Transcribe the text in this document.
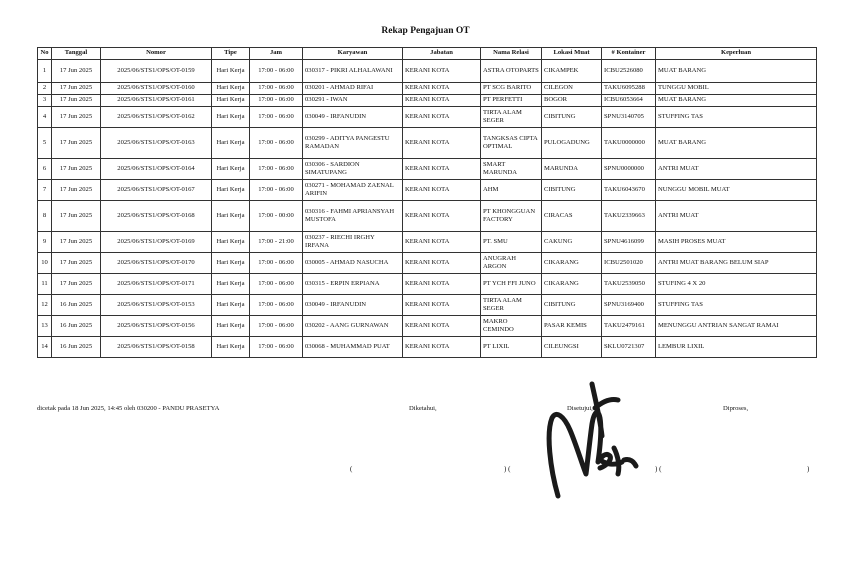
Rekap Pengajuan OT
No	Tanggal	Nomor	Tipe	Jam	Karyawan	Jabatan	Nama Relasi	Lokasi Muat	# Kontainer	Keperluan
1	17 Jun 2025	2025/06/STS1/OPS/OT-0159	Hari Kerja	17:00 - 06:00	030317 - PIKRI ALHALAWANI	KERANI KOTA	ASTRA OTOPARTS	CIKAMPEK	ICBU2526080	MUAT BARANG
2	17 Jun 2025	2025/06/STS1/OPS/OT-0160	Hari Kerja	17:00 - 06:00	030201 - AHMAD RIFAI	KERANI KOTA	PT SCG BARITO	CILEGON	TAKU6095288	TUNGGU MOBIL
3	17 Jun 2025	2025/06/STS1/OPS/OT-0161	Hari Kerja	17:00 - 06:00	030291 - IWAN	KERANI KOTA	PT PERFETTI	BOGOR	ICBU6053664	MUAT BARANG
4	17 Jun 2025	2025/06/STS1/OPS/OT-0162	Hari Kerja	17:00 - 06:00	030049 - IRFANUDIN	KERANI KOTA	TIRTA ALAM SEGER	CIBITUNG	SPNU3140705	STUFFING TAS
5	17 Jun 2025	2025/06/STS1/OPS/OT-0163	Hari Kerja	17:00 - 06:00	030299 - ADITYA PANGESTU RAMADAN	KERANI KOTA	TANGKSAS CIPTA OPTIMAL	PULOGADUNG	TAKU0000000	MUAT BARANG
6	17 Jun 2025	2025/06/STS1/OPS/OT-0164	Hari Kerja	17:00 - 06:00	030306 - SARDION SIMATUPANG	KERANI KOTA	SMART MARUNDA	MARUNDA	SPNU0000000	ANTRI MUAT
7	17 Jun 2025	2025/06/STS1/OPS/OT-0167	Hari Kerja	17:00 - 06:00	030271 - MOHAMAD ZAENAL ARIFIN	KERANI KOTA	AHM	CIBITUNG	TAKU6043670	NUNGGU MOBIL MUAT
8	17 Jun 2025	2025/06/STS1/OPS/OT-0168	Hari Kerja	17:00 - 00:00	030316 - FAHMI APRIANSYAH MUSTOFA	KERANI KOTA	PT KHONGGUAN FACTORY	CIRACAS	TAKU2339663	ANTRI MUAT
9	17 Jun 2025	2025/06/STS1/OPS/OT-0169	Hari Kerja	17:00 - 21:00	030237 - RIECHI IRGHY IRFANA	KERANI KOTA	PT. SMU	CAKUNG	SPNU4616099	MASIH PROSES MUAT
10	17 Jun 2025	2025/06/STS1/OPS/OT-0170	Hari Kerja	17:00 - 06:00	030005 - AHMAD NASUCHA	KERANI KOTA	ANUGRAH ARGON	CIKARANG	ICBU2501020	ANTRI MUAT BARANG BELUM SIAP
11	17 Jun 2025	2025/06/STS1/OPS/OT-0171	Hari Kerja	17:00 - 06:00	030315 - ERPIN ERPIANA	KERANI KOTA	PT YCH FFI JUNO	CIKARANG	TAKU2539050	STUFING 4 X 20
12	16 Jun 2025	2025/06/STS1/OPS/OT-0153	Hari Kerja	17:00 - 06:00	030049 - IRFANUDIN	KERANI KOTA	TIRTA ALAM SEGER	CIBITUNG	SPNU3169400	STUFFING TAS
13	16 Jun 2025	2025/06/STS1/OPS/OT-0156	Hari Kerja	17:00 - 06:00	030202 - AANG GURNAWAN	KERANI KOTA	MAKRO CEMINDO	PASAR KEMIS	TAKU2479161	MENUNGGU ANTRIAN SANGAT RAMAI
14	16 Jun 2025	2025/06/STS1/OPS/OT-0158	Hari Kerja	17:00 - 06:00	030068 - MUHAMMAD PUAT	KERANI KOTA	PT LIXIL	CILEUNGSI	SKLU0721307	LEMBUR LIXIL
dicetak pada 18 Jun 2025, 14:45 oleh 030200 - PANDU PRASETYA	Diketahui,	Disetujui,	Diproses,
(	) (	) (	)
